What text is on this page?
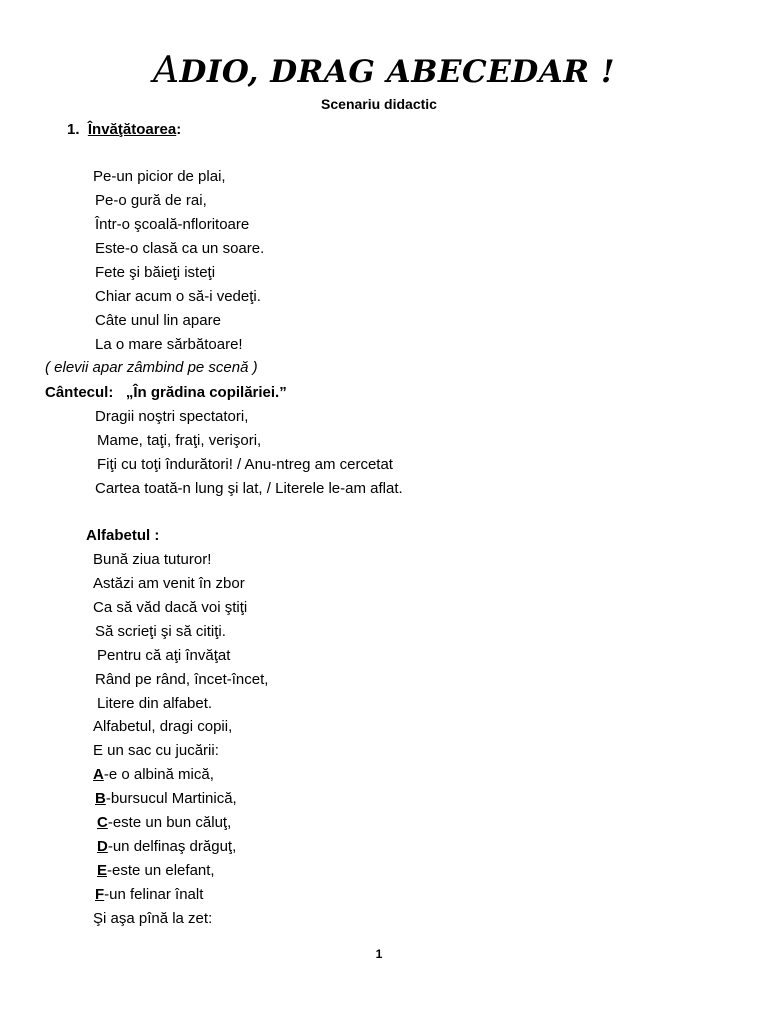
ADIO, DRAG ABECEDAR !
Scenariu didactic
1. Învăţătoarea:
Pe-un picior de plai,
Pe-o gură de rai,
Într-o şcoală-nfloritoare
Este-o clasă ca un soare.
Fete şi băieţi isteţi
Chiar acum o să-i vedeţi.
Câte unul lin apare
La o mare sărbătoare!
( elevii apar zâmbind pe scenă )
Cântecul: „În grădina copilăriei.”
Dragii noştri spectatori,
Mame, taţi, fraţi, verişori,
Fiţi cu toţi îndurători! / Anu-ntreg am cercetat
Cartea toată-n lung şi lat, / Literele le-am aflat.
Alfabetul :
Bună ziua tuturor!
Astăzi am venit în zbor
Ca să văd dacă voi ştiţi
Să scrieţi şi să citiţi.
Pentru că aţi învăţat
Rând pe rând, încet-încet,
Litere din alfabet.
Alfabetul, dragi copii,
E un sac cu jucării:
A-e o albină mică,
B-bursucul Martinică,
C-este un bun căluţ,
D-un delfinaş drăguţ,
E-este un elefant,
F-un felinar înalt
Şi aşa pînă la zet:
1
